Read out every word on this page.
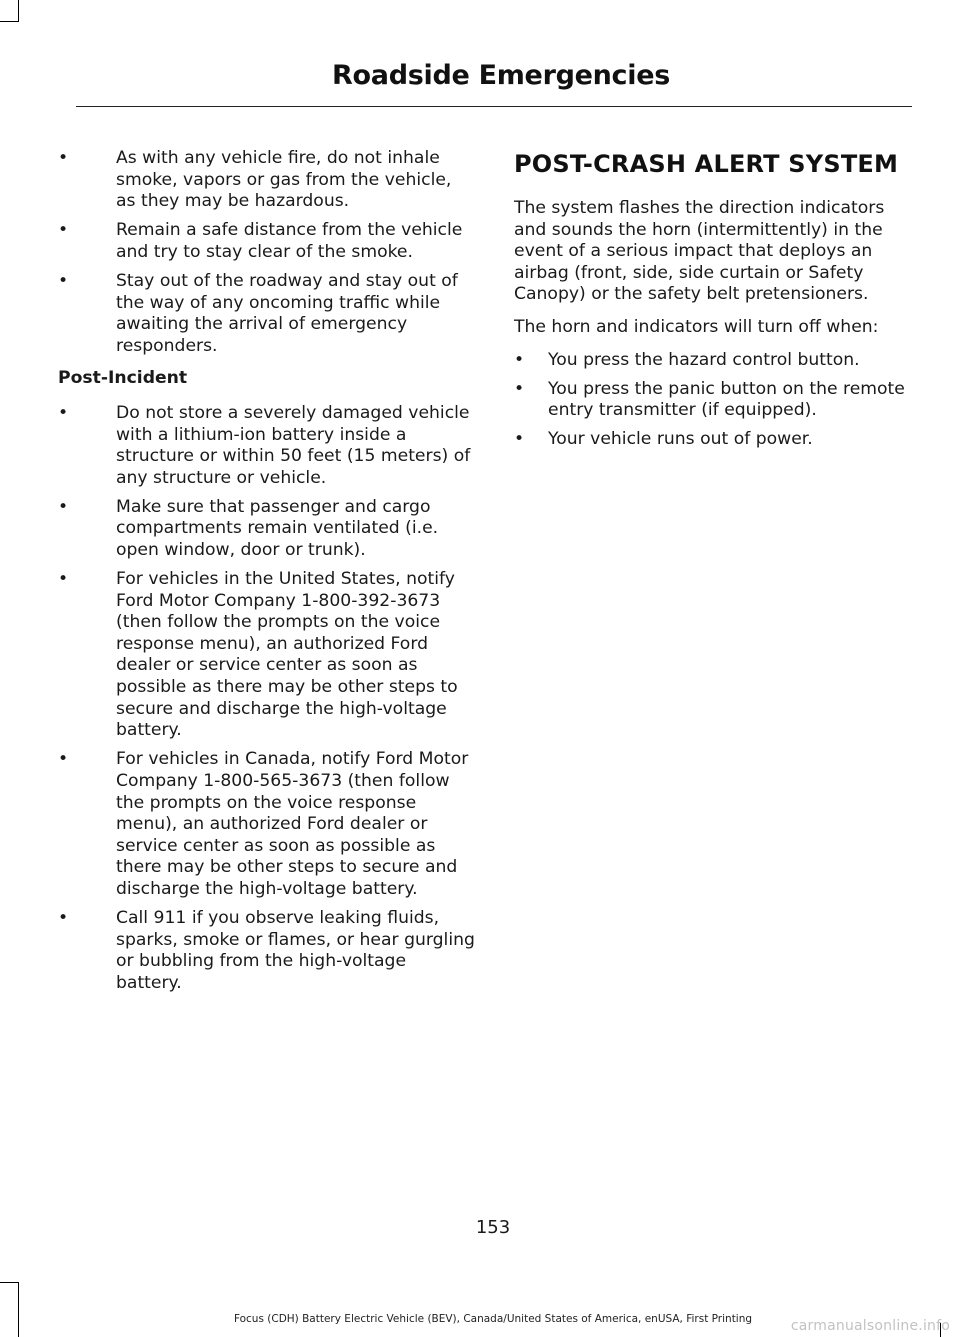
Roadside Emergencies
•	As with any vehicle fire, do not inhale smoke, vapors or gas from the vehicle, as they may be hazardous.
•	Remain a safe distance from the vehicle and try to stay clear of the smoke.
•	Stay out of the roadway and stay out of the way of any oncoming traffic while awaiting the arrival of emergency responders.
Post-Incident
•	Do not store a severely damaged vehicle with a lithium-ion battery inside a structure or within 50 feet (15 meters) of any structure or vehicle.
•	Make sure that passenger and cargo compartments remain ventilated (i.e. open window, door or trunk).
•	For vehicles in the United States, notify Ford Motor Company 1-800-392-3673 (then follow the prompts on the voice response menu), an authorized Ford dealer or service center as soon as possible as there may be other steps to secure and discharge the high-voltage battery.
•	For vehicles in Canada, notify Ford Motor Company 1-800-565-3673 (then follow the prompts on the voice response menu), an authorized Ford dealer or service center as soon as possible as there may be other steps to secure and discharge the high-voltage battery.
•	Call 911 if you observe leaking fluids, sparks, smoke or flames, or hear gurgling or bubbling from the high-voltage battery.
POST-CRASH ALERT SYSTEM

The system flashes the direction indicators and sounds the horn (intermittently) in the event of a serious impact that deploys an airbag (front, side, side curtain or Safety Canopy) or the safety belt pretensioners.

The horn and indicators will turn off when:

•	You press the hazard control button.
•	You press the panic button on the remote entry transmitter (if equipped).
•	Your vehicle runs out of power.
153
Focus (CDH) Battery Electric Vehicle (BEV), Canada/United States of America, enUSA, First Printing	carmanualsonline.info
